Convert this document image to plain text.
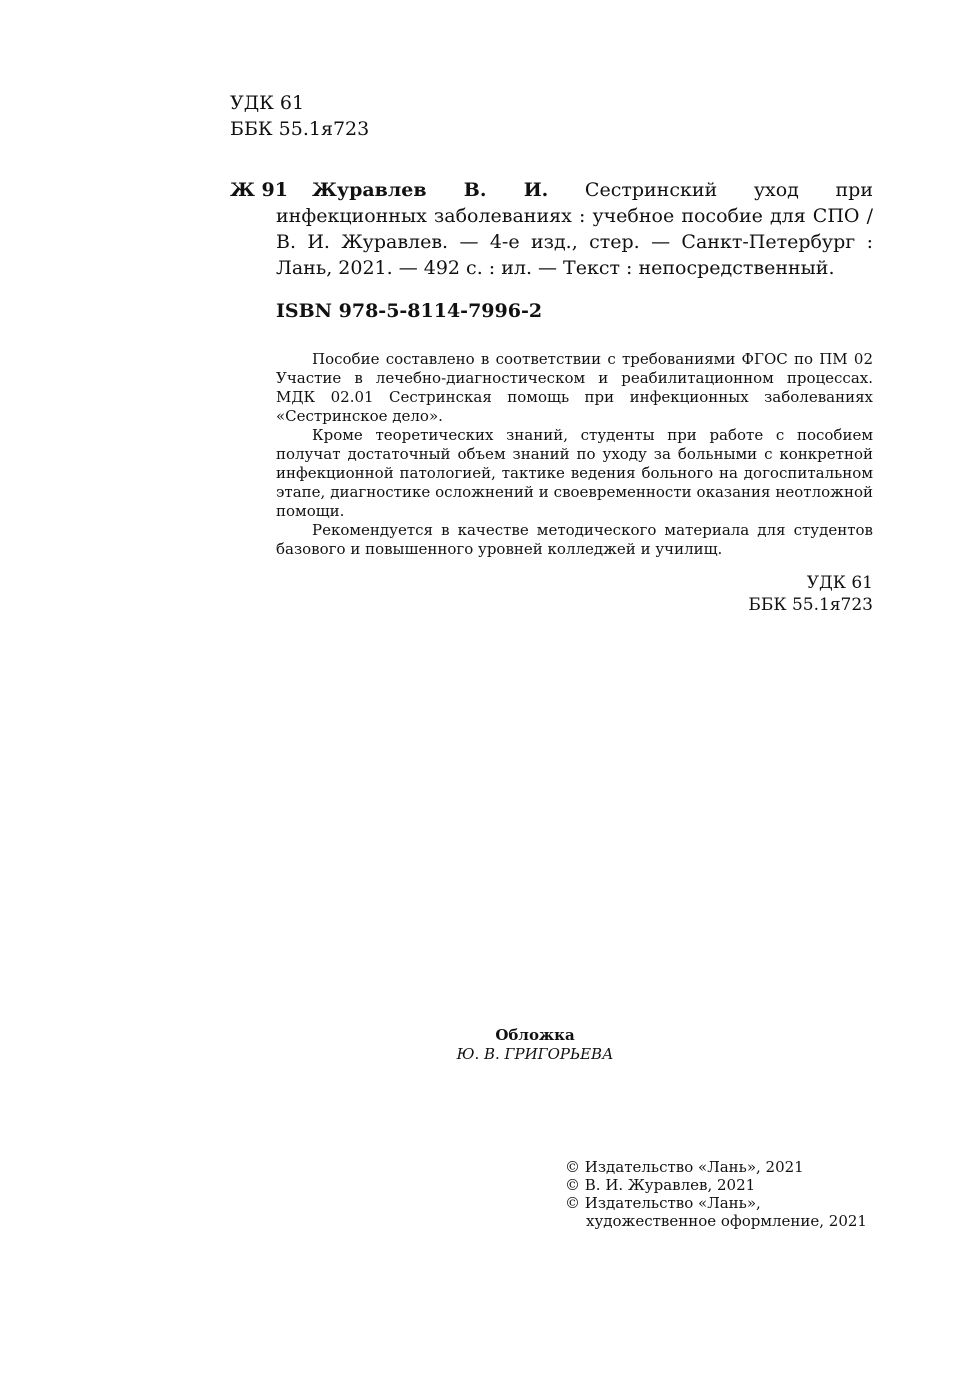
УДК 61
ББК 55.1я723
Ж 91	Журавлев В. И. Сестринский уход при инфекционных заболеваниях : учебное пособие для СПО / В. И. Журавлев. — 4-е изд., стер. — Санкт-Петербург : Лань, 2021. — 492 с. : ил. — Текст : непосредственный.
ISBN 978-5-8114-7996-2

Пособие составлено в соответствии с требованиями ФГОС по ПМ 02 Участие в лечебно-диагностическом и реабилитационном процессах. МДК 02.01 Сестринская помощь при инфекционных заболеваниях «Сестринское дело».

Кроме теоретических знаний, студенты при работе с пособием получат достаточный объем знаний по уходу за больными с конкретной инфекционной патологией, тактике ведения больного на догоспитальном этапе, диагностике осложнений и своевременности оказания неотложной помощи.

Рекомендуется в качестве методического материала для студентов базового и повышенного уровней колледжей и училищ.

УДК 61
ББК 55.1я723
Обложка
Ю. В. ГРИГОРЬЕВА
© Издательство «Лань», 2021
© В. И. Журавлев, 2021
© Издательство «Лань»,
художественное оформление, 2021
